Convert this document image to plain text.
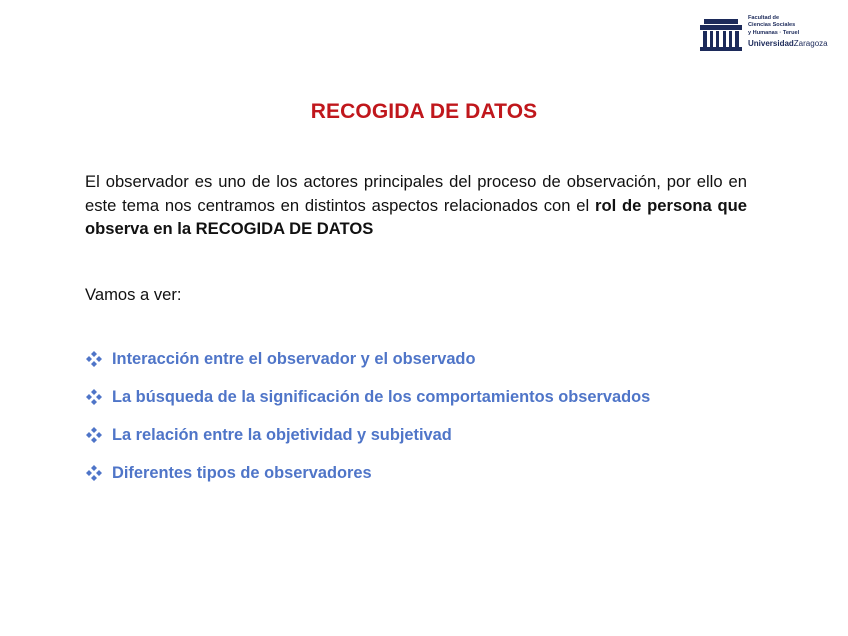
Facultad de
Ciencias Sociales
y Humanas · Teruel
UniversidadZaragoza
RECOGIDA DE DATOS
El observador es uno de los actores principales del proceso de observación, por ello en este tema nos centramos en distintos aspectos relacionados con el rol de persona que observa en la RECOGIDA DE DATOS
Vamos a ver:
Interacción entre el observador y el observado
La búsqueda de la significación de los comportamientos observados
La relación entre la objetividad y subjetivad
Diferentes tipos de observadores
